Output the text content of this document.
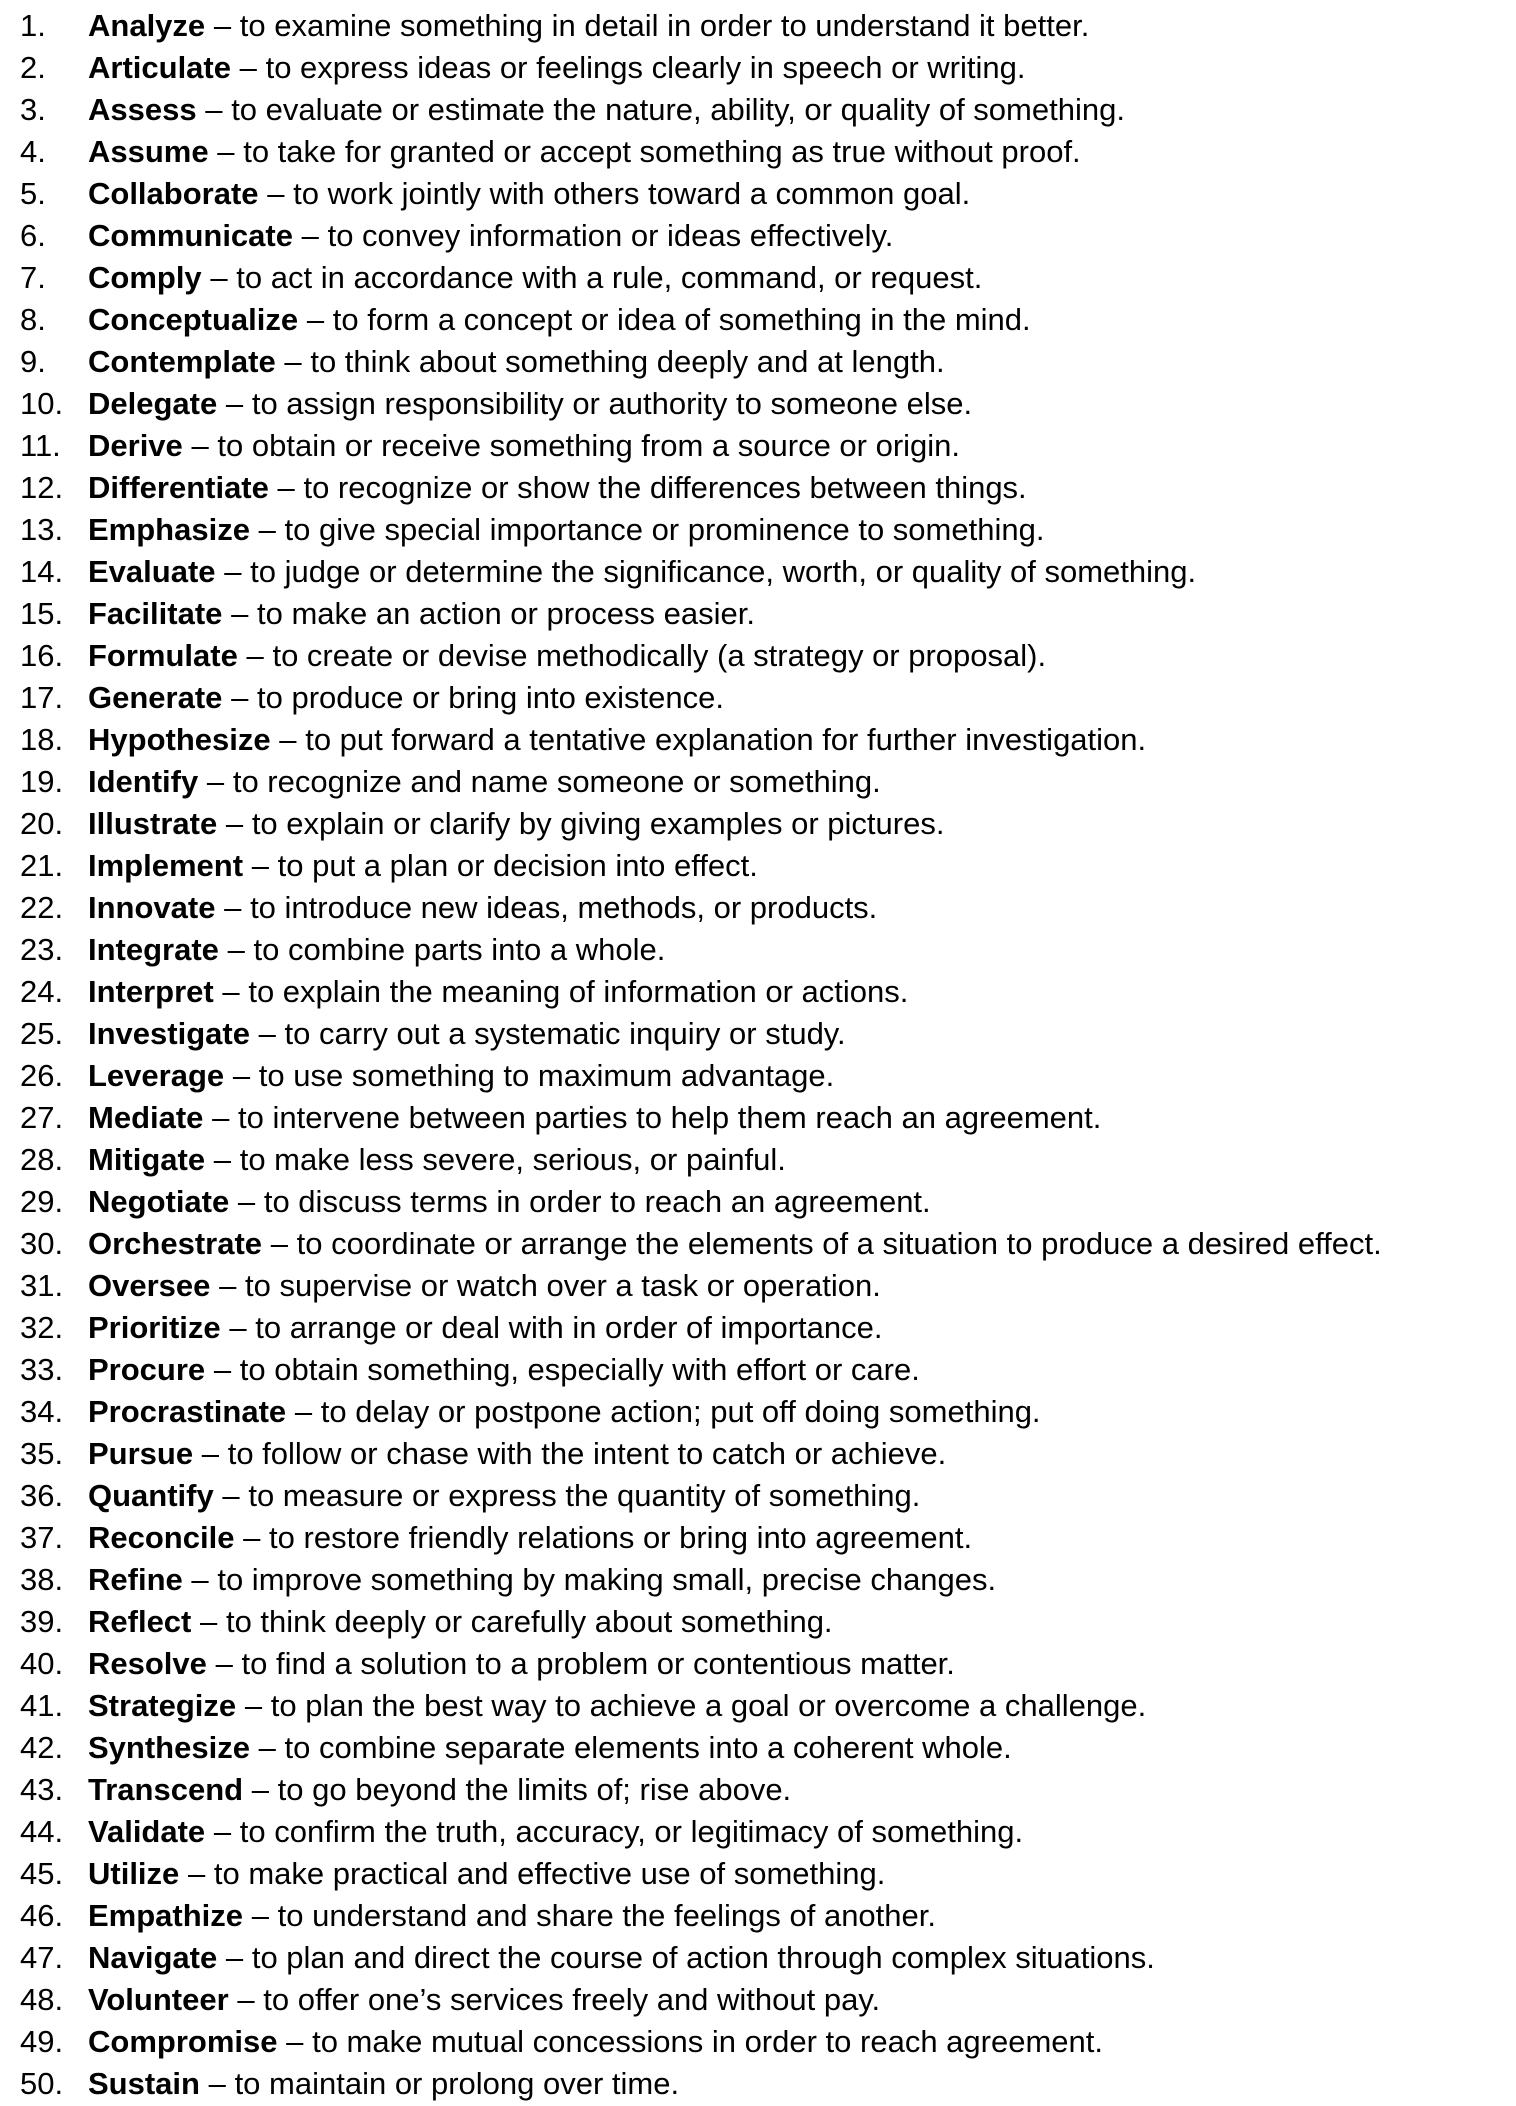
1. Analyze – to examine something in detail in order to understand it better.
2. Articulate – to express ideas or feelings clearly in speech or writing.
3. Assess – to evaluate or estimate the nature, ability, or quality of something.
4. Assume – to take for granted or accept something as true without proof.
5. Collaborate – to work jointly with others toward a common goal.
6. Communicate – to convey information or ideas effectively.
7. Comply – to act in accordance with a rule, command, or request.
8. Conceptualize – to form a concept or idea of something in the mind.
9. Contemplate – to think about something deeply and at length.
10. Delegate – to assign responsibility or authority to someone else.
11. Derive – to obtain or receive something from a source or origin.
12. Differentiate – to recognize or show the differences between things.
13. Emphasize – to give special importance or prominence to something.
14. Evaluate – to judge or determine the significance, worth, or quality of something.
15. Facilitate – to make an action or process easier.
16. Formulate – to create or devise methodically (a strategy or proposal).
17. Generate – to produce or bring into existence.
18. Hypothesize – to put forward a tentative explanation for further investigation.
19. Identify – to recognize and name someone or something.
20. Illustrate – to explain or clarify by giving examples or pictures.
21. Implement – to put a plan or decision into effect.
22. Innovate – to introduce new ideas, methods, or products.
23. Integrate – to combine parts into a whole.
24. Interpret – to explain the meaning of information or actions.
25. Investigate – to carry out a systematic inquiry or study.
26. Leverage – to use something to maximum advantage.
27. Mediate – to intervene between parties to help them reach an agreement.
28. Mitigate – to make less severe, serious, or painful.
29. Negotiate – to discuss terms in order to reach an agreement.
30. Orchestrate – to coordinate or arrange the elements of a situation to produce a desired effect.
31. Oversee – to supervise or watch over a task or operation.
32. Prioritize – to arrange or deal with in order of importance.
33. Procure – to obtain something, especially with effort or care.
34. Procrastinate – to delay or postpone action; put off doing something.
35. Pursue – to follow or chase with the intent to catch or achieve.
36. Quantify – to measure or express the quantity of something.
37. Reconcile – to restore friendly relations or bring into agreement.
38. Refine – to improve something by making small, precise changes.
39. Reflect – to think deeply or carefully about something.
40. Resolve – to find a solution to a problem or contentious matter.
41. Strategize – to plan the best way to achieve a goal or overcome a challenge.
42. Synthesize – to combine separate elements into a coherent whole.
43. Transcend – to go beyond the limits of; rise above.
44. Validate – to confirm the truth, accuracy, or legitimacy of something.
45. Utilize – to make practical and effective use of something.
46. Empathize – to understand and share the feelings of another.
47. Navigate – to plan and direct the course of action through complex situations.
48. Volunteer – to offer one’s services freely and without pay.
49. Compromise – to make mutual concessions in order to reach agreement.
50. Sustain – to maintain or prolong over time.
